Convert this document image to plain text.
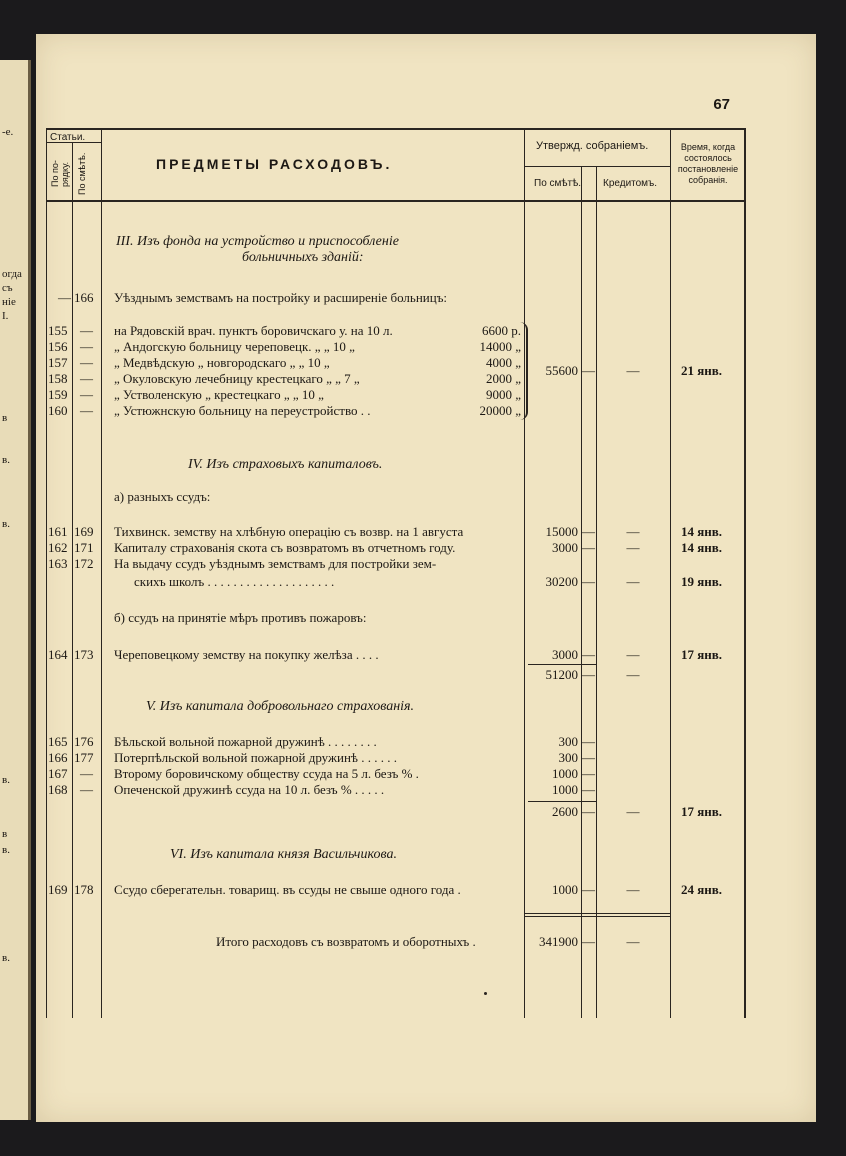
-е.
огда
съ
нiе
I.
в
в.
в.
в.
в
в.
в.
67
Статьи.
По по- рядку. По смѣтѣ.	ПРЕДМЕТЫ РАСХОДОВЪ.
Утвержд. собранiемъ.
По смѣтѣ. Кредитомъ.
Время, когда
состоялось
постановленiе
собранiя.
III. Изъ фонда на устройство и приспособленiе
больничныхъ зданiй:
— 166 Уѣзднымъ земствамъ на постройку и расширенiе больницъ:
155 — на Рядовскiй врач. пунктъ боровичскаго у. на 10 л.	6600 р.
156 — „ Андогскую больницу череповецк. „ „ 10 „	14000 „
157 — „ Медвѣдскую „ новгородскаго „ „ 10 „	4000 „
158 — „ Окуловскую лечебницу крестецкаго „ „ 7 „	2000 „
159 — „ Устволенскую „ крестецкаго „ „ 10 „	9000 „
160 — „ Устюжнскую больницу на переустройство . .	20000 „
55600 —	—	21 янв.
IV. Изъ страховыхъ капиталовъ.
а) разныхъ ссудъ:
161 169 Тихвинск. земству на хлѣбную операцiю съ возвр. на 1 августа	15000 —	—	14 янв.
162 171 Капиталу страхованiя скота съ возвратомъ въ отчетномъ году.	3000 —	—	14 янв.
163 172 На выдачу ссудъ уѣзднымъ земствамъ для постройки зем-
скихъ школъ . . . . . . . . . . . . . . . . . . . .	30200 —	—	19 янв.
б) ссудъ на принятiе мѣръ противъ пожаровъ:
164 173 Череповецкому земству на покупку желѣза . . . .	3000 —	—	17 янв.
51200 —	—
V. Изъ капитала добровольнаго страхованiя.
165 176 Бѣльской вольной пожарной дружинѣ . . . . . . . .	300 —
166 177 Потерпѣльской вольной пожарной дружинѣ . . . . . .	300 —
167 — Второму боровичскому обществу ссуда на 5 л. безъ % .	1000 —
168 — Опеченской дружинѣ ссуда на 10 л. безъ % . . . . .	1000 —
2600 —	—	17 янв.
VI. Изъ капитала князя Васильчикова.
169 178 Ссудо сберегательн. товарищ. въ ссуды не свыше одного года .	1000 —	—	24 янв.
Итого расходовъ съ возвратомъ и оборотныхъ .	341900 —	—
